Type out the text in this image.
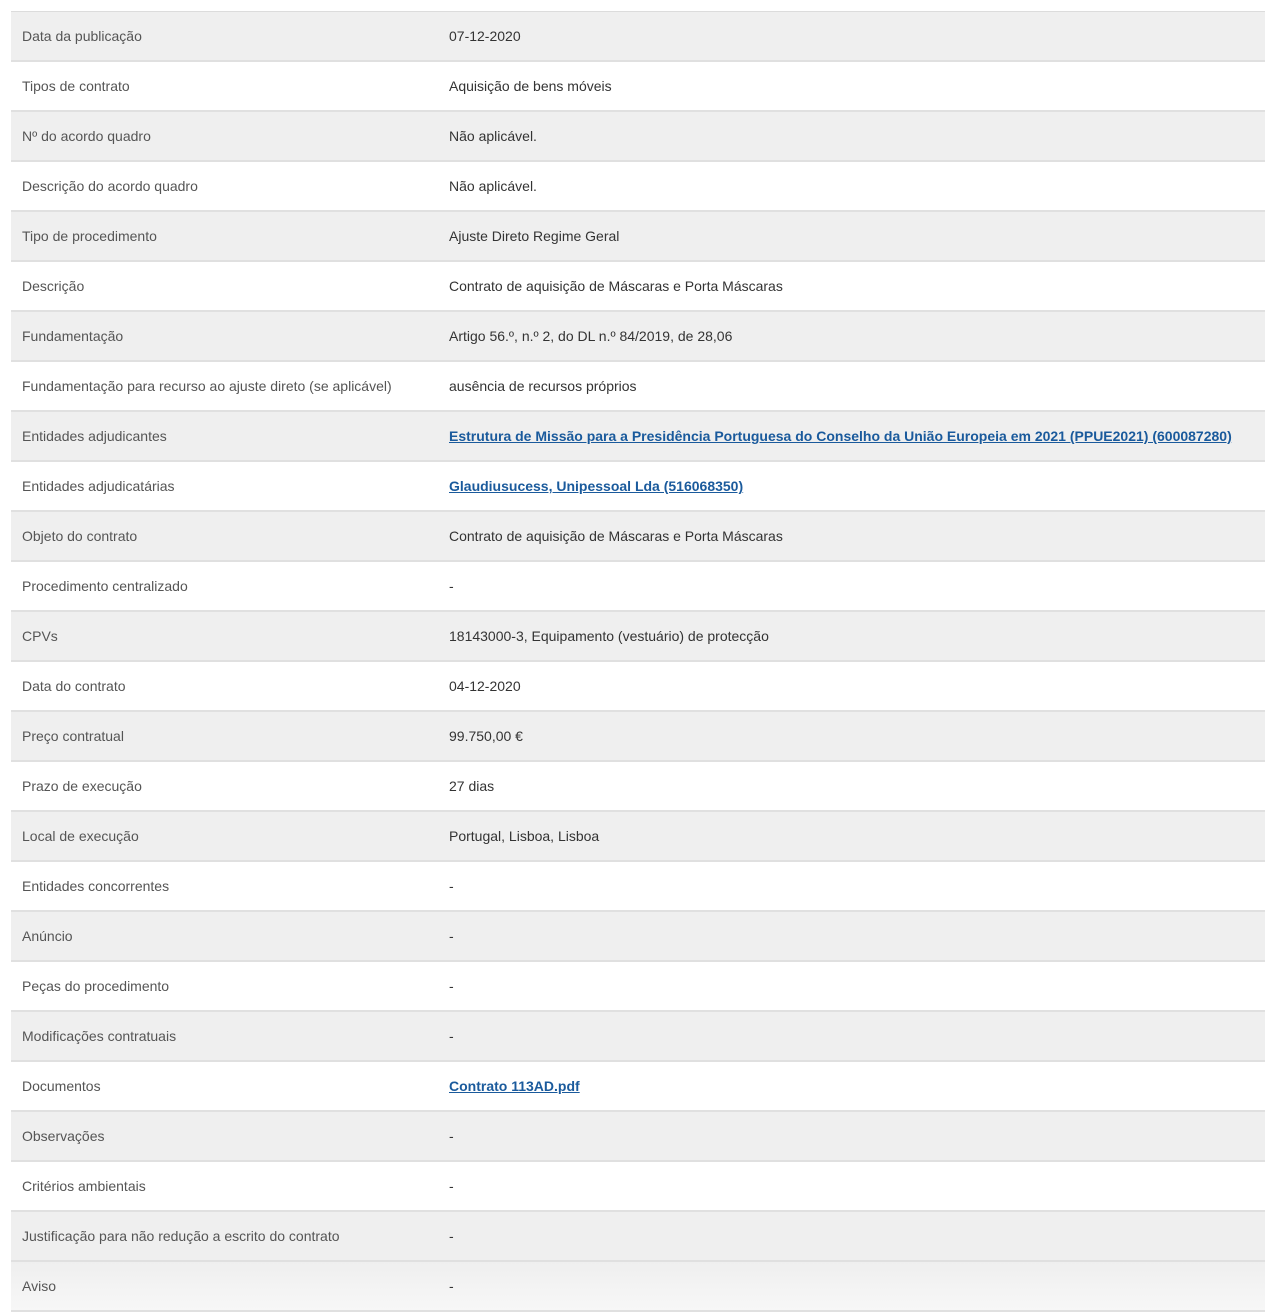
Data da publicação	07-12-2020
Tipos de contrato	Aquisição de bens móveis
Nº do acordo quadro	Não aplicável.
Descrição do acordo quadro	Não aplicável.
Tipo de procedimento	Ajuste Direto Regime Geral
Descrição	Contrato de aquisição de Máscaras e Porta Máscaras
Fundamentação	Artigo 56.º, n.º 2, do DL n.º 84/2019, de 28,06
Fundamentação para recurso ao ajuste direto (se aplicável)	ausência de recursos próprios
Entidades adjudicantes	Estrutura de Missão para a Presidência Portuguesa do Conselho da União Europeia em 2021 (PPUE2021) (600087280)
Entidades adjudicatárias	Glaudiusucess, Unipessoal Lda (516068350)
Objeto do contrato	Contrato de aquisição de Máscaras e Porta Máscaras
Procedimento centralizado	-
CPVs	18143000-3, Equipamento (vestuário) de protecção
Data do contrato	04-12-2020
Preço contratual	99.750,00 €
Prazo de execução	27 dias
Local de execução	Portugal, Lisboa, Lisboa
Entidades concorrentes	-
Anúncio	-
Peças do procedimento	-
Modificações contratuais	-
Documentos	Contrato 113AD.pdf
Observações	-
Critérios ambientais	-
Justificação para não redução a escrito do contrato	-
Aviso	-
